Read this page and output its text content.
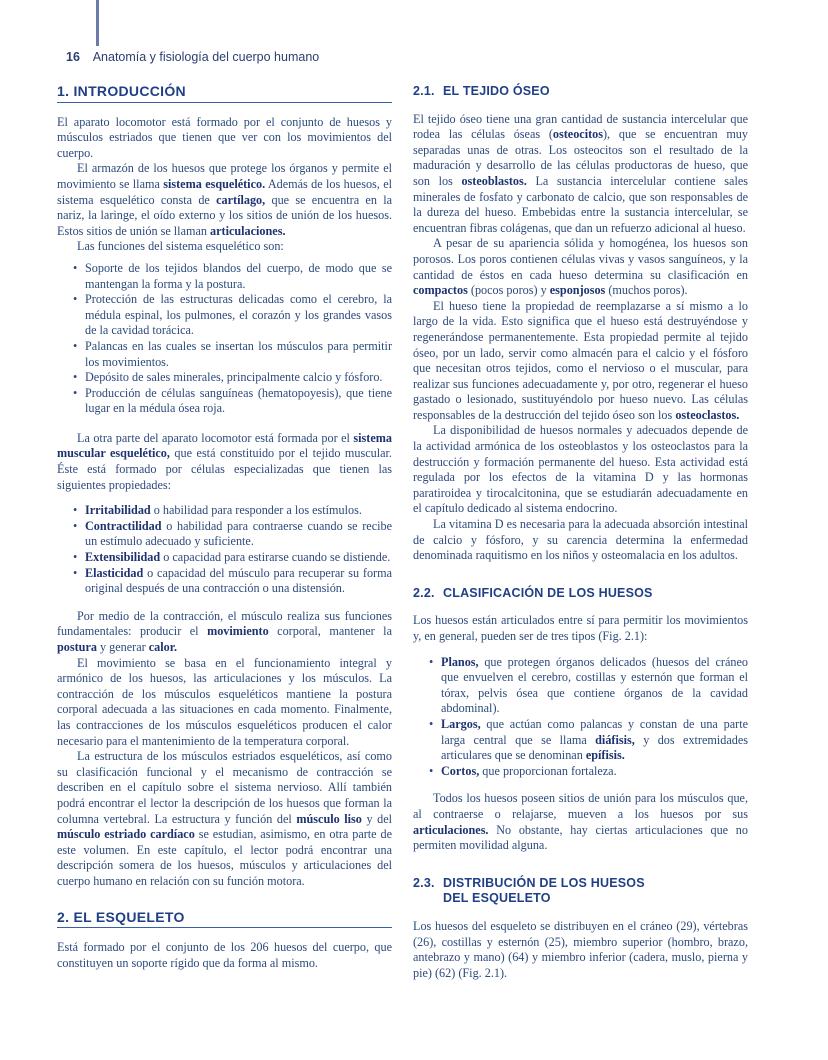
16 Anatomía y fisiología del cuerpo humano
1. INTRODUCCIÓN

El aparato locomotor está formado por el conjunto de huesos y músculos estriados que tienen que ver con los movimientos del cuerpo.

El armazón de los huesos que protege los órganos y permite el movimiento se llama sistema esquelético. Además de los huesos, el sistema esquelético consta de cartílago, que se encuentra en la nariz, la laringe, el oído externo y los sitios de unión de los huesos. Estos sitios de unión se llaman articulaciones.

Las funciones del sistema esquelético son:

• Soporte de los tejidos blandos del cuerpo, de modo que se mantengan la forma y la postura.
• Protección de las estructuras delicadas como el cerebro, la médula espinal, los pulmones, el corazón y los grandes vasos de la cavidad torácica.
• Palancas en las cuales se insertan los músculos para permitir los movimientos.
• Depósito de sales minerales, principalmente calcio y fósforo.
• Producción de células sanguíneas (hematopoyesis), que tiene lugar en la médula ósea roja.

La otra parte del aparato locomotor está formada por el sistema muscular esquelético, que está constituido por el tejido muscular. Éste está formado por células especializadas que tienen las siguientes propiedades:

• Irritabilidad o habilidad para responder a los estímulos.
• Contractilidad o habilidad para contraerse cuando se recibe un estímulo adecuado y suficiente.
• Extensibilidad o capacidad para estirarse cuando se distiende.
• Elasticidad o capacidad del músculo para recuperar su forma original después de una contracción o una distensión.

Por medio de la contracción, el músculo realiza sus funciones fundamentales: producir el movimiento corporal, mantener la postura y generar calor.

El movimiento se basa en el funcionamiento integral y armónico de los huesos, las articulaciones y los músculos. La contracción de los músculos esqueléticos mantiene la postura corporal adecuada a las situaciones en cada momento. Finalmente, las contracciones de los músculos esqueléticos producen el calor necesario para el mantenimiento de la temperatura corporal.

La estructura de los músculos estriados esqueléticos, así como su clasificación funcional y el mecanismo de contracción se describen en el capítulo sobre el sistema nervioso. Allí también podrá encontrar el lector la descripción de los huesos que forman la columna vertebral. La estructura y función del músculo liso y del músculo estriado cardíaco se estudian, asimismo, en otra parte de este volumen. En este capítulo, el lector podrá encontrar una descripción somera de los huesos, músculos y articulaciones del cuerpo humano en relación con su función motora.

2. EL ESQUELETO

Está formado por el conjunto de los 206 huesos del cuerpo, que constituyen un soporte rígido que da forma al mismo.

2.1. EL TEJIDO ÓSEO

El tejido óseo tiene una gran cantidad de sustancia intercelular que rodea las células óseas (osteocitos), que se encuentran muy separadas unas de otras. Los osteocitos son el resultado de la maduración y desarrollo de las células productoras de hueso, que son los osteoblastos. La sustancia intercelular contiene sales minerales de fosfato y carbonato de calcio, que son responsables de la dureza del hueso. Embebidas entre la sustancia intercelular, se encuentran fibras colágenas, que dan un refuerzo adicional al hueso.

A pesar de su apariencia sólida y homogénea, los huesos son porosos. Los poros contienen células vivas y vasos sanguíneos, y la cantidad de éstos en cada hueso determina su clasificación en compactos (pocos poros) y esponjosos (muchos poros).

El hueso tiene la propiedad de reemplazarse a sí mismo a lo largo de la vida. Esto significa que el hueso está destruyéndose y regenerándose permanentemente. Esta propiedad permite al tejido óseo, por un lado, servir como almacén para el calcio y el fósforo que necesitan otros tejidos, como el nervioso o el muscular, para realizar sus funciones adecuadamente y, por otro, regenerar el hueso gastado o lesionado, sustituyéndolo por hueso nuevo. Las células responsables de la destrucción del tejido óseo son los osteoclastos.

La disponibilidad de huesos normales y adecuados depende de la actividad armónica de los osteoblastos y los osteoclastos para la destrucción y formación permanente del hueso. Esta actividad está regulada por los efectos de la vitamina D y las hormonas paratiroidea y tirocalcitonina, que se estudiarán adecuadamente en el capítulo dedicado al sistema endocrino.

La vitamina D es necesaria para la adecuada absorción intestinal de calcio y fósforo, y su carencia determina la enfermedad denominada raquitismo en los niños y osteomalacia en los adultos.

2.2. CLASIFICACIÓN DE LOS HUESOS

Los huesos están articulados entre sí para permitir los movimientos y, en general, pueden ser de tres tipos (Fig. 2.1):

• Planos, que protegen órganos delicados (huesos del cráneo que envuelven el cerebro, costillas y esternón que forman el tórax, pelvis ósea que contiene órganos de la cavidad abdominal).
• Largos, que actúan como palancas y constan de una parte larga central que se llama diáfisis, y dos extremidades articulares que se denominan epífisis.
• Cortos, que proporcionan fortaleza.

Todos los huesos poseen sitios de unión para los músculos que, al contraerse o relajarse, mueven a los huesos por sus articulaciones. No obstante, hay ciertas articulaciones que no permiten movilidad alguna.

2.3. DISTRIBUCIÓN DE LOS HUESOS
DEL ESQUELETO

Los huesos del esqueleto se distribuyen en el cráneo (29), vértebras (26), costillas y esternón (25), miembro superior (hombro, brazo, antebrazo y mano) (64) y miembro inferior (cadera, muslo, pierna y pie) (62) (Fig. 2.1).
